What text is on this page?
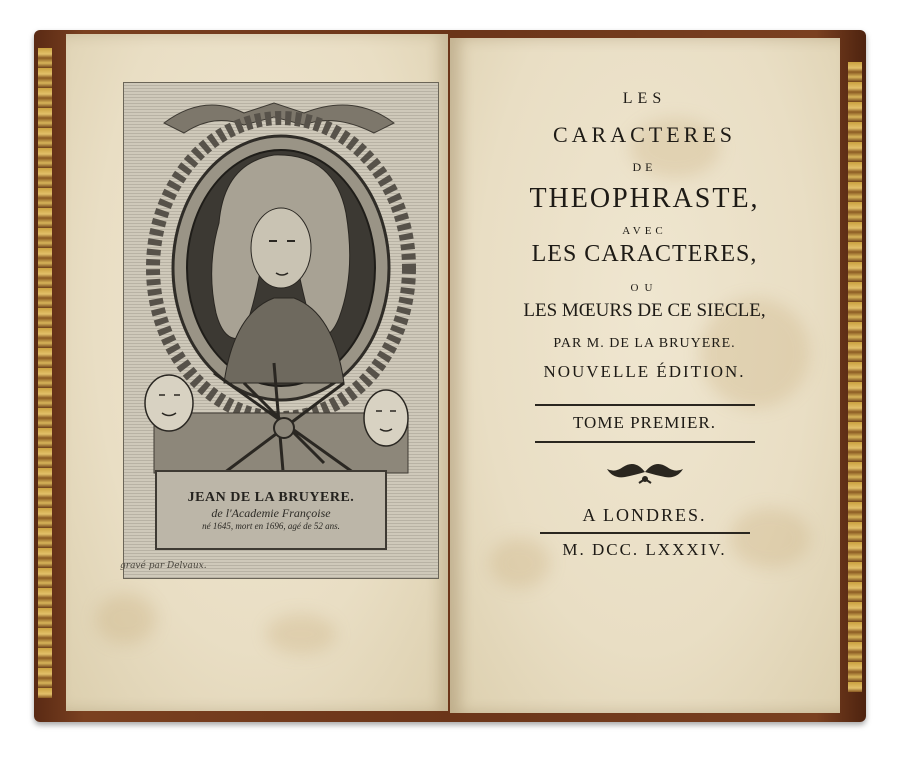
JEAN DE LA BRUYERE.
de l'Academie Françoise
né 1645, mort en 1696, agé de 52 ans.
gravé par Delvaux.
LES
CARACTERES
DE
THEOPHRASTE,
AVEC
LES CARACTERES,
OU
LES MŒURS DE CE SIECLE,
PAR M. DE LA BRUYERE.
NOUVELLE ÉDITION.
TOME PREMIER.
A LONDRES.
M. DCC. LXXXIV.
